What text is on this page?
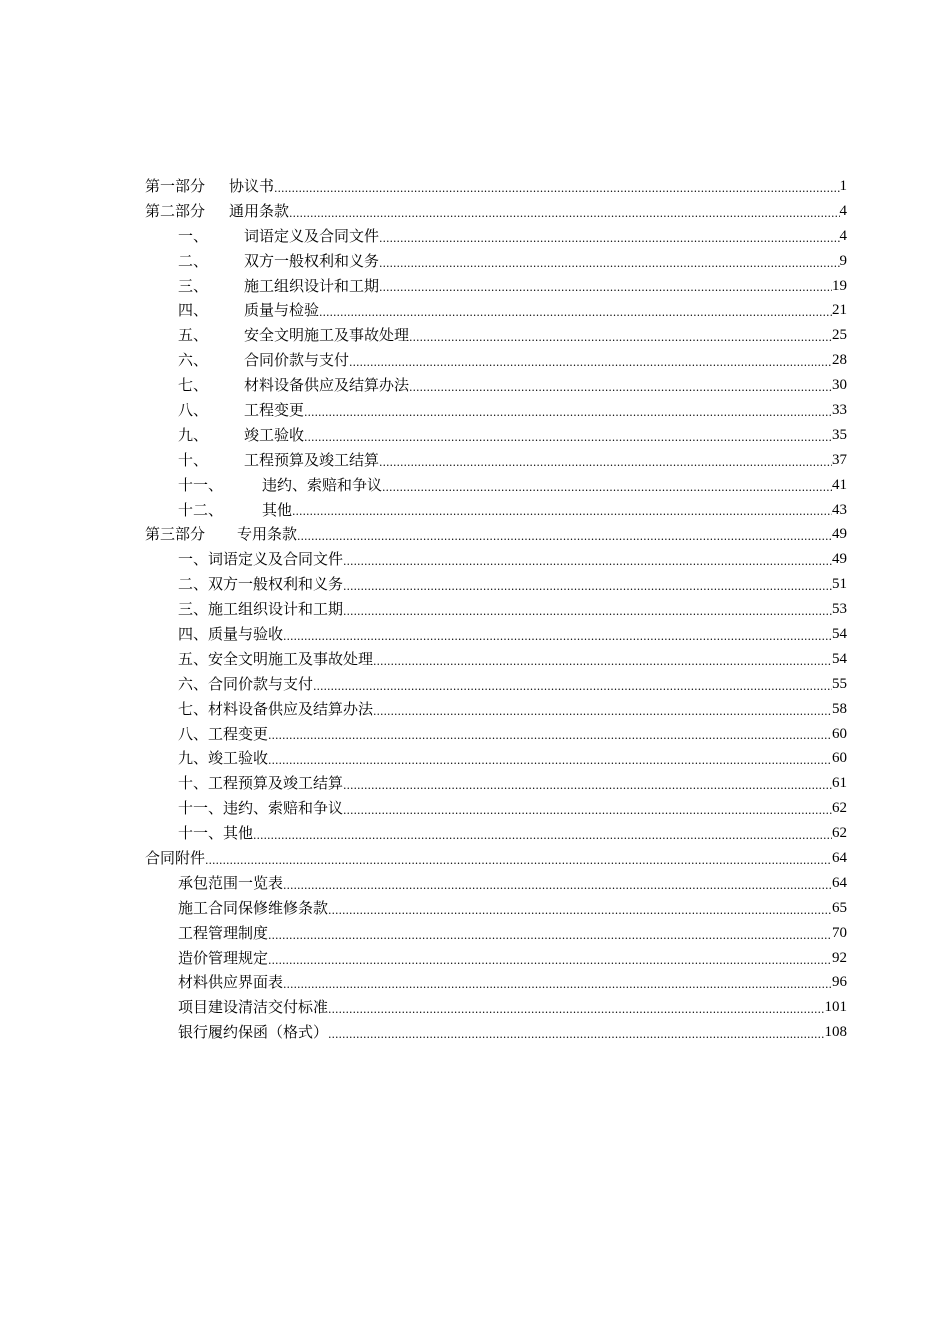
第一部分	协议书 .....	1
第二部分	通用条款 .....	4
一、	词语定义及合同文件 .....	4
二、	双方一般权利和义务 .....	9
三、	施工组织设计和工期 .....	19
四、	质量与检验 .....	21
五、	安全文明施工及事故处理 .....	25
六、	合同价款与支付 .....	28
七、	材料设备供应及结算办法 .....	30
八、	工程变更 .....	33
九、	竣工验收 .....	35
十、	工程预算及竣工结算 .....	37
十一、	违约、索赔和争议 .....	41
十二、	其他 .....	43
第三部分	专用条款 .....	49
一、词语定义及合同文件 .....	49
二、双方一般权利和义务 .....	51
三、施工组织设计和工期 .....	53
四、质量与验收 .....	54
五、安全文明施工及事故处理 .....	54
六、合同价款与支付 .....	55
七、材料设备供应及结算办法 .....	58
八、工程变更 .....	60
九、竣工验收 .....	60
十、工程预算及竣工结算 .....	61
十一、违约、索赔和争议 .....	62
十一、其他 .....	62
合同附件 .....	64
承包范围一览表 .....	64
施工合同保修维修条款 .....	65
工程管理制度 .....	70
造价管理规定 .....	92
材料供应界面表 .....	96
项目建设清洁交付标准 .....	101
银行履约保函（格式） .....	108
